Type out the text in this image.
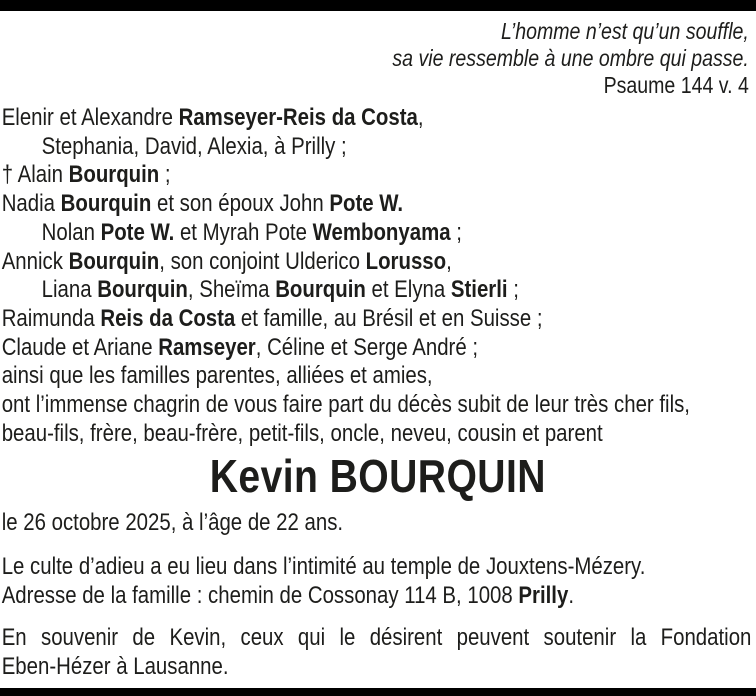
L’homme n’est qu’un souffle,
sa vie ressemble à une ombre qui passe.
Psaume 144 v. 4
Elenir et Alexandre Ramseyer-Reis da Costa,
Stephania, David, Alexia, à Prilly ;
† Alain Bourquin ;
Nadia Bourquin et son époux John Pote W.
Nolan Pote W. et Myrah Pote Wembonyama ;
Annick Bourquin, son conjoint Ulderico Lorusso,
Liana Bourquin, Sheïma Bourquin et Elyna Stierli ;
Raimunda Reis da Costa et famille, au Brésil et en Suisse ;
Claude et Ariane Ramseyer, Céline et Serge André ;
ainsi que les familles parentes, alliées et amies,
ont l’immense chagrin de vous faire part du décès subit de leur très cher fils,
beau-fils, frère, beau-frère, petit-fils, oncle, neveu, cousin et parent
Kevin BOURQUIN
le 26 octobre 2025, à l’âge de 22 ans.
Le culte d’adieu a eu lieu dans l’intimité au temple de Jouxtens-Mézery.
Adresse de la famille : chemin de Cossonay 114 B, 1008 Prilly.
En souvenir de Kevin, ceux qui le désirent peuvent soutenir la Fondation
Eben-Hézer à Lausanne.
